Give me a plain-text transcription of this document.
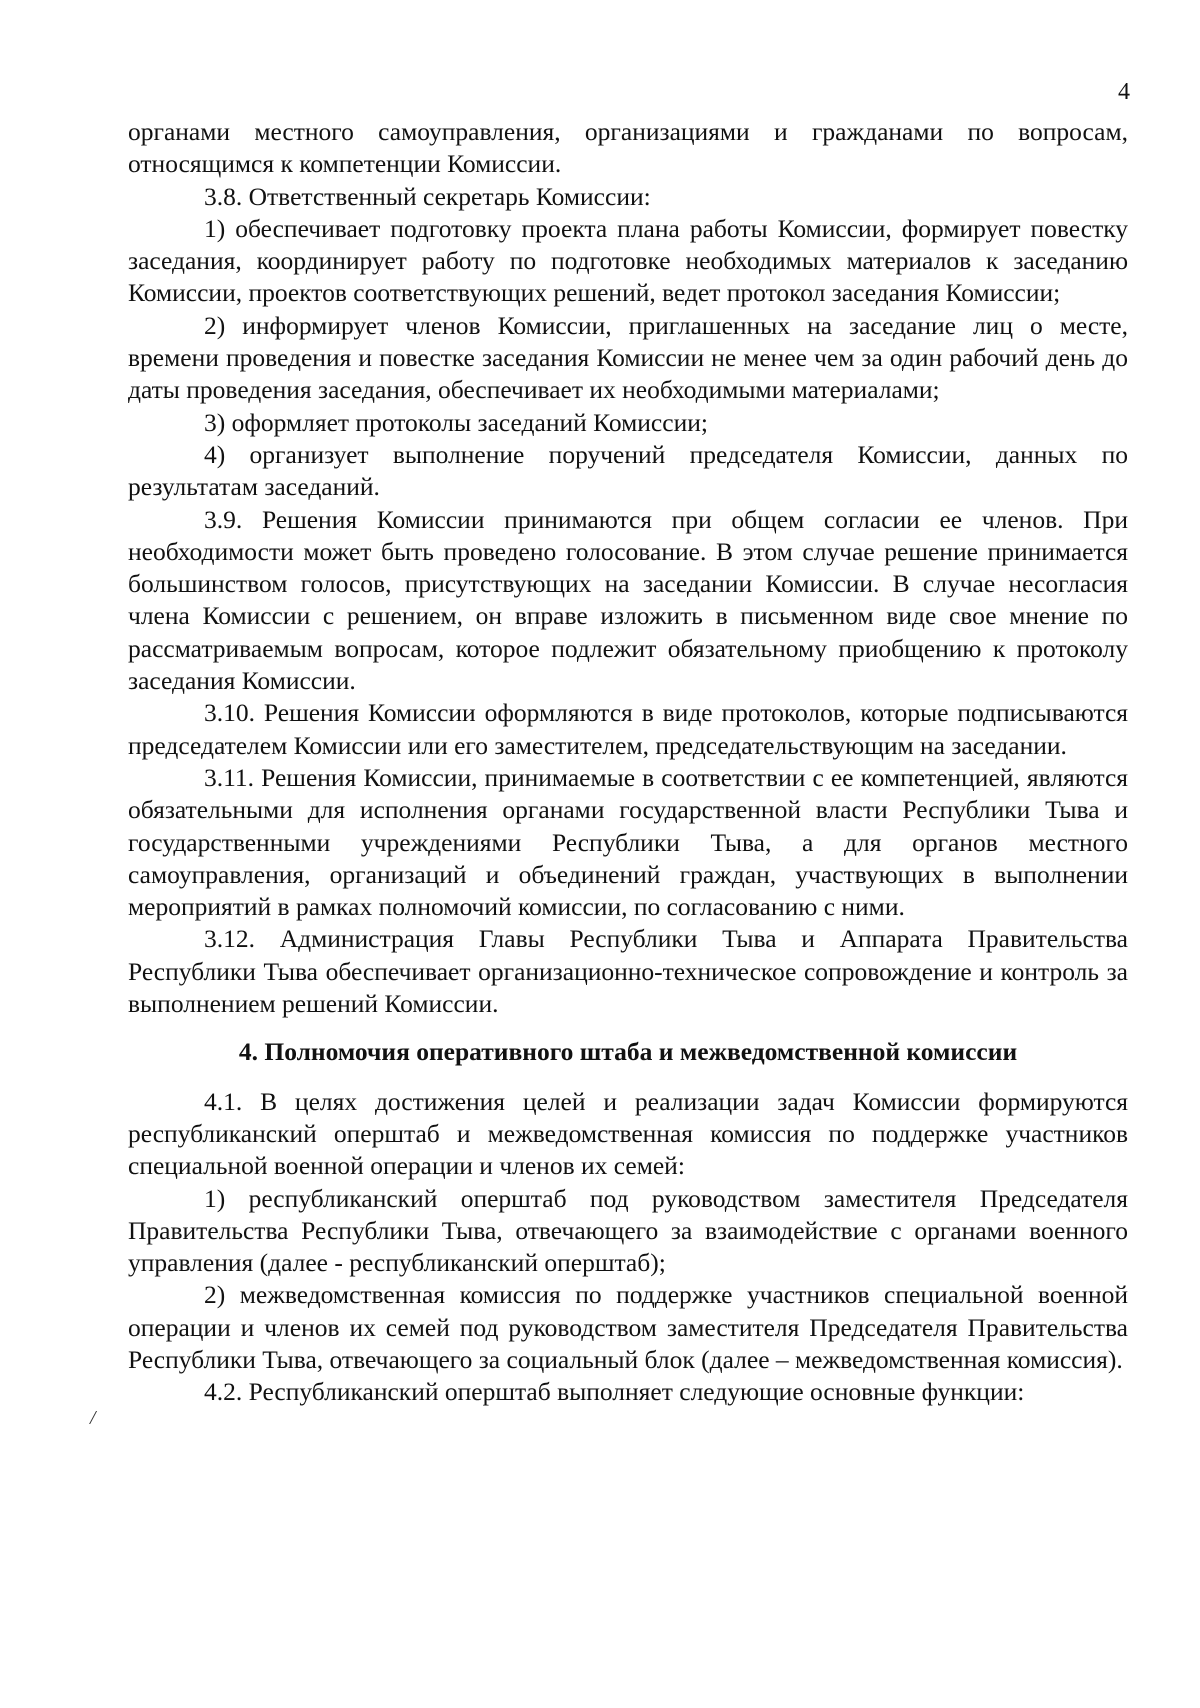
4

органами местного самоуправления, организациями и гражданами по вопросам, относящимся к компетенции Комиссии.

3.8. Ответственный секретарь Комиссии:

1) обеспечивает подготовку проекта плана работы Комиссии, формирует повестку заседания, координирует работу по подготовке необходимых материалов к заседанию Комиссии, проектов соответствующих решений, ведет протокол заседания Комиссии;

2) информирует членов Комиссии, приглашенных на заседание лиц о месте, времени проведения и повестке заседания Комиссии не менее чем за один рабочий день до даты проведения заседания, обеспечивает их необходимыми материалами;

3) оформляет протоколы заседаний Комиссии;

4) организует выполнение поручений председателя Комиссии, данных по результатам заседаний.

3.9. Решения Комиссии принимаются при общем согласии ее членов. При необходимости может быть проведено голосование. В этом случае решение принимается большинством голосов, присутствующих на заседании Комиссии. В случае несогласия члена Комиссии с решением, он вправе изложить в письменном виде свое мнение по рассматриваемым вопросам, которое подлежит обязательному приобщению к протоколу заседания Комиссии.

3.10. Решения Комиссии оформляются в виде протоколов, которые подписываются председателем Комиссии или его заместителем, председательствующим на заседании.

3.11. Решения Комиссии, принимаемые в соответствии с ее компетенцией, являются обязательными для исполнения органами государственной власти Республики Тыва и государственными учреждениями Республики Тыва, а для органов местного самоуправления, организаций и объединений граждан, участвующих в выполнении мероприятий в рамках полномочий комиссии, по согласованию с ними.

3.12. Администрация Главы Республики Тыва и Аппарата Правительства Республики Тыва обеспечивает организационно-техническое сопровождение и контроль за выполнением решений Комиссии.

4. Полномочия оперативного штаба и межведомственной комиссии

4.1. В целях достижения целей и реализации задач Комиссии формируются республиканский оперштаб и межведомственная комиссия по поддержке участников специальной военной операции и членов их семей:

1) республиканский оперштаб под руководством заместителя Председателя Правительства Республики Тыва, отвечающего за взаимодействие с органами военного управления (далее - республиканский оперштаб);

2) межведомственная комиссия по поддержке участников специальной военной операции и членов их семей под руководством заместителя Председателя Правительства Республики Тыва, отвечающего за социальный блок (далее – межведомственная комиссия).

4.2. Республиканский оперштаб выполняет следующие основные функции:

/
